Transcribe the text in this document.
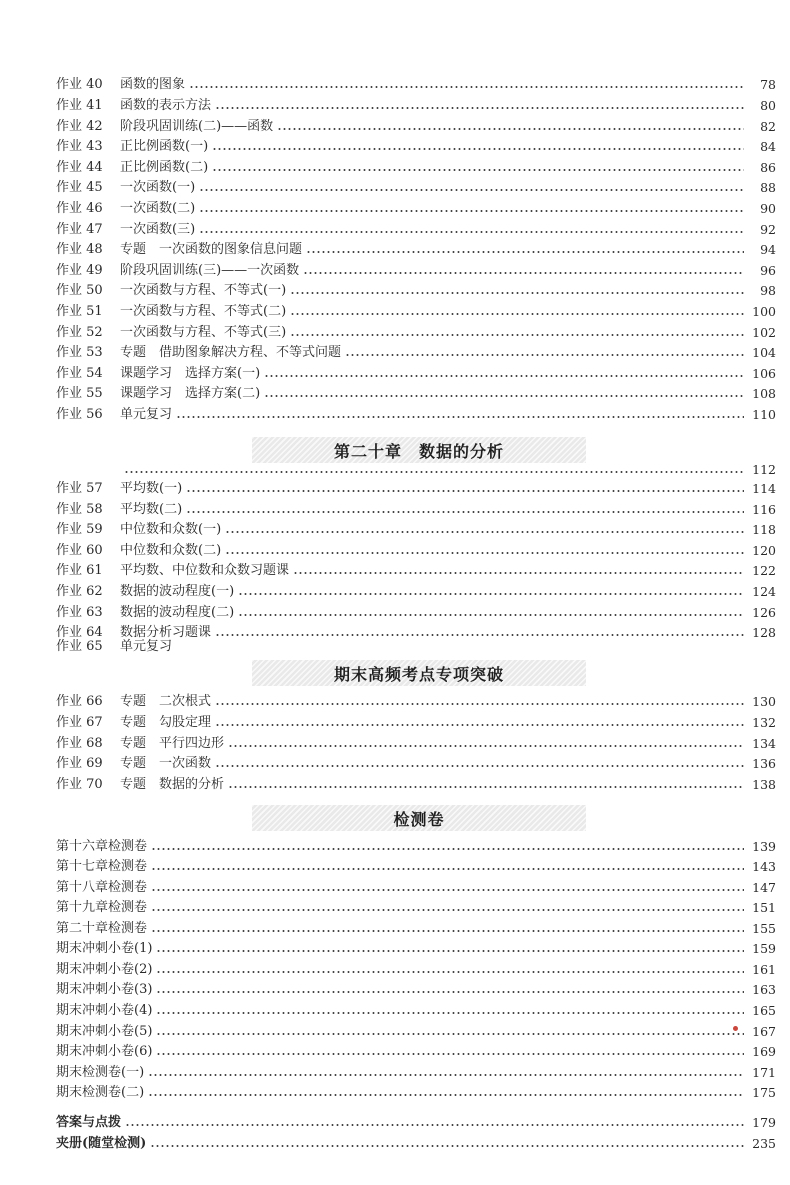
作业 40	函数的图象	78
作业 41	函数的表示方法	80
作业 42	阶段巩固训练(二)——函数	82
作业 43	正比例函数(一)	84
作业 44	正比例函数(二)	86
作业 45	一次函数(一)	88
作业 46	一次函数(二)	90
作业 47	一次函数(三)	92
作业 48	专题　一次函数的图象信息问题	94
作业 49	阶段巩固训练(三)——一次函数	96
作业 50	一次函数与方程、不等式(一)	98
作业 51	一次函数与方程、不等式(二)	100
作业 52	一次函数与方程、不等式(三)	102
作业 53	专题　借助图象解决方程、不等式问题	104
作业 54	课题学习　选择方案(一)	106
作业 55	课题学习　选择方案(二)	108
作业 56	单元复习	110
第二十章　数据的分析
112
作业 57	平均数(一)	114
作业 58	平均数(二)	116
作业 59	中位数和众数(一)	118
作业 60	中位数和众数(二)	120
作业 61	平均数、中位数和众数习题课	122
作业 62	数据的波动程度(一)	124
作业 63	数据的波动程度(二)	126
作业 64	数据分析习题课	128
作业 65	单元复习
期末高频考点专项突破
作业 66	专题　二次根式	130
作业 67	专题　勾股定理	132
作业 68	专题　平行四边形	134
作业 69	专题　一次函数	136
作业 70	专题　数据的分析	138
检测卷
第十六章检测卷	139
第十七章检测卷	143
第十八章检测卷	147
第十九章检测卷	151
第二十章检测卷	155
期末冲刺小卷(1)	159
期末冲刺小卷(2)	161
期末冲刺小卷(3)	163
期末冲刺小卷(4)	165
期末冲刺小卷(5)	167
期末冲刺小卷(6)	169
期末检测卷(一)	171
期末检测卷(二)	175
答案与点拨	179
夹册(随堂检测)	235
